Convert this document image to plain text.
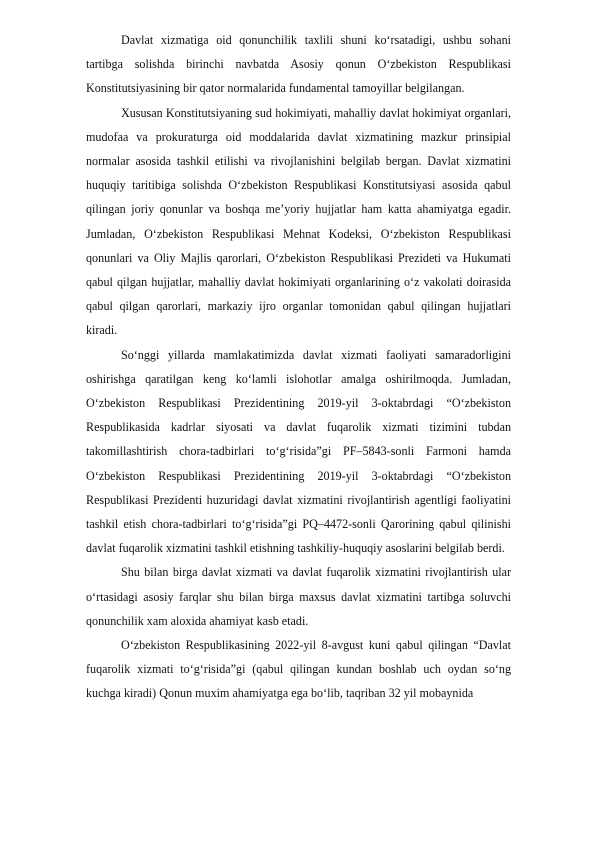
Davlat xizmatiga oid qonunchilik taxlili shuni ko‘rsatadigi, ushbu sohani tartibga solishda birinchi navbatda Asosiy qonun O‘zbekiston Respublikasi Konstitutsiyasining bir qator normalarida fundamental tamoyillar belgilangan.

Xususan Konstitutsiyaning sud hokimiyati, mahalliy davlat hokimiyat organlari, mudofaa va prokuraturga oid moddalarida davlat xizmatining mazkur prinsipial normalar asosida tashkil etilishi va rivojlanishini belgilab bergan. Davlat xizmatini huquqiy taritibiga solishda O‘zbekiston Respublikasi Konstitutsiyasi asosida qabul qilingan joriy qonunlar va boshqa me’yoriy hujjatlar ham katta ahamiyatga egadir. Jumladan, O‘zbekiston Respublikasi Mehnat Kodeksi, O‘zbekiston Respublikasi qonunlari va Oliy Majlis qarorlari, O‘zbekiston Respublikasi Prezideti va Hukumati qabul qilgan hujjatlar, mahalliy davlat hokimiyati organlarining o‘z vakolati doirasida qabul qilgan qarorlari, markaziy ijro organlar tomonidan qabul qilingan hujjatlari kiradi.

So‘nggi yillarda mamlakatimizda davlat xizmati faoliyati samaradorligini oshirishga qaratilgan keng ko‘lamli islohotlar amalga oshirilmoqda. Jumladan, O‘zbekiston Respublikasi Prezidentining 2019-yil 3-oktabrdagi “O‘zbekiston Respublikasida kadrlar siyosati va davlat fuqarolik xizmati tizimini tubdan takomillashtirish chora-tadbirlari to‘g‘risida”gi PF–5843-sonli Farmoni hamda O‘zbekiston Respublikasi Prezidentining 2019-yil 3-oktabrdagi “O‘zbekiston Respublikasi Prezidenti huzuridagi davlat xizmatini rivojlantirish agentligi faoliyatini tashkil etish chora-tadbirlari to‘g‘risida”gi PQ–4472-sonli Qarorining qabul qilinishi davlat fuqarolik xizmatini tashkil etishning tashkiliy-huquqiy asoslarini belgilab berdi.

Shu bilan birga davlat xizmati va davlat fuqarolik xizmatini rivojlantirish ular o‘rtasidagi asosiy farqlar shu bilan birga maxsus davlat xizmatini tartibga soluvchi qonunchilik xam aloxida ahamiyat kasb etadi.

O‘zbekiston Respublikasining 2022-yil 8-avgust kuni qabul qilingan “Davlat fuqarolik xizmati to‘g‘risida”gi (qabul qilingan kundan boshlab uch oydan so‘ng kuchga kiradi) Qonun muxim ahamiyatga ega bo‘lib, taqriban 32 yil mobaynida
